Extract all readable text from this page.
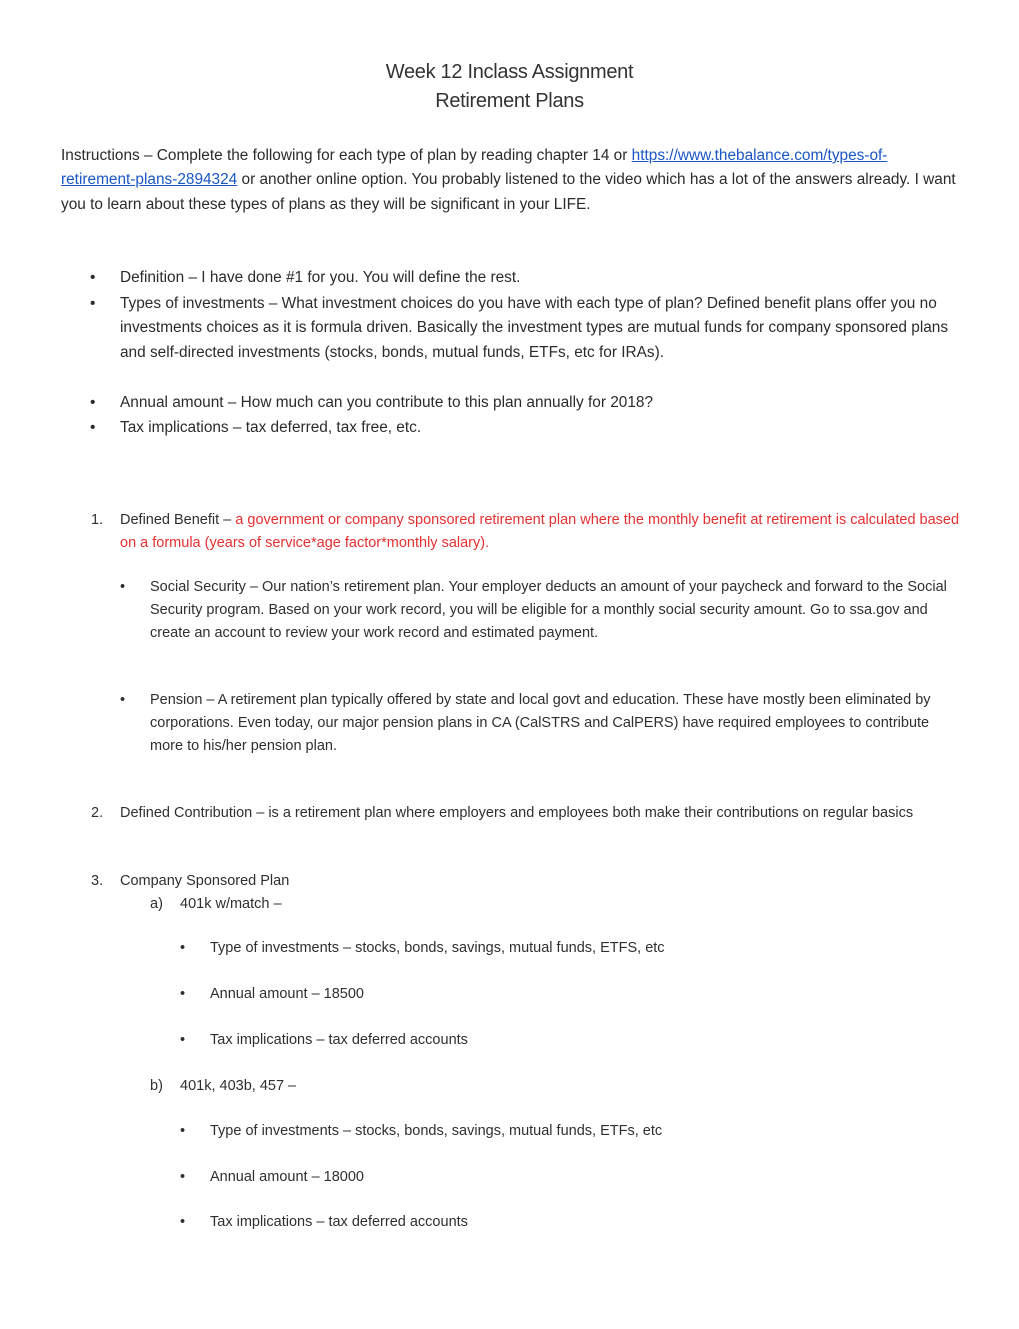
Week 12 Inclass Assignment
Retirement Plans
Instructions – Complete the following for each type of plan by reading chapter 14 or https://www.thebalance.com/types-of-retirement-plans-2894324 or another online option. You probably listened to the video which has a lot of the answers already. I want you to learn about these types of plans as they will be significant in your LIFE.
• Definition – I have done #1 for you. You will define the rest.
• Types of investments – What investment choices do you have with each type of plan? Defined benefit plans offer you no investments choices as it is formula driven. Basically the investment types are mutual funds for company sponsored plans and self-directed investments (stocks, bonds, mutual funds, ETFs, etc for IRAs).
• Annual amount – How much can you contribute to this plan annually for 2018?
• Tax implications – tax deferred, tax free, etc.
1. Defined Benefit – a government or company sponsored retirement plan where the monthly benefit at retirement is calculated based on a formula (years of service*age factor*monthly salary).
• Social Security – Our nation’s retirement plan. Your employer deducts an amount of your paycheck and forward to the Social Security program. Based on your work record, you will be eligible for a monthly social security amount. Go to ssa.gov and create an account to review your work record and estimated payment.
• Pension – A retirement plan typically offered by state and local govt and education. These have mostly been eliminated by corporations. Even today, our major pension plans in CA (CalSTRS and CalPERS) have required employees to contribute more to his/her pension plan.
2. Defined Contribution – is a retirement plan where employers and employees both make their contributions on regular basics
3. Company Sponsored Plan
a) 401k w/match –
• Type of investments – stocks, bonds, savings, mutual funds, ETFS, etc
• Annual amount – 18500
• Tax implications – tax deferred accounts
b) 401k, 403b, 457 –
• Type of investments – stocks, bonds, savings, mutual funds, ETFs, etc
• Annual amount – 18000
• Tax implications – tax deferred accounts
